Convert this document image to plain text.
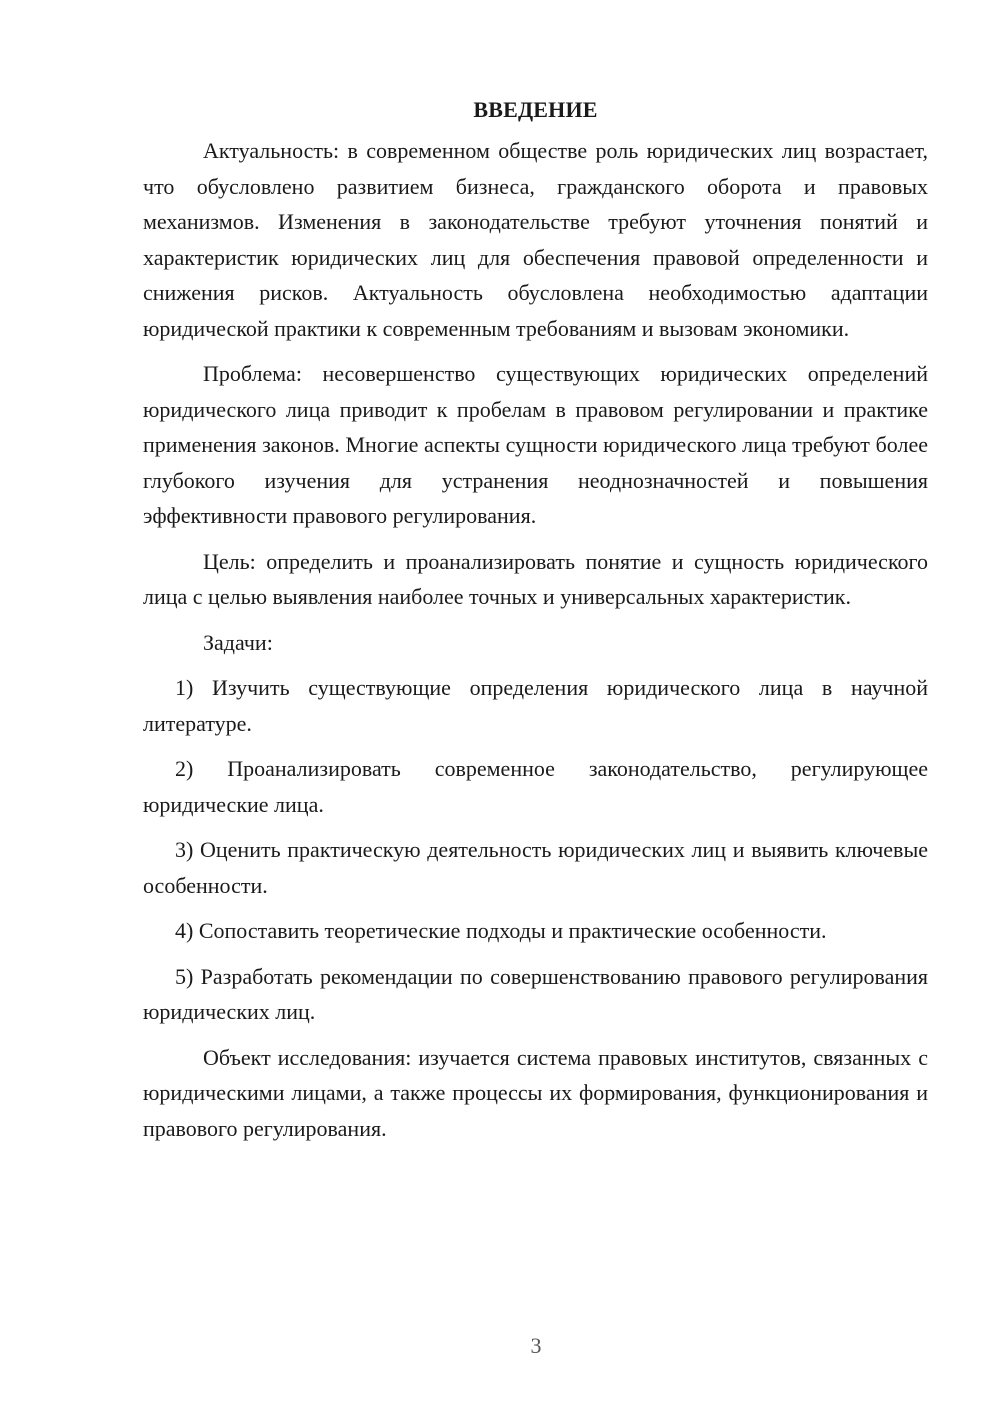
ВВЕДЕНИЕ

Актуальность: в современном обществе роль юридических лиц возрастает, что обусловлено развитием бизнеса, гражданского оборота и правовых механизмов. Изменения в законодательстве требуют уточнения понятий и характеристик юридических лиц для обеспечения правовой определенности и снижения рисков. Актуальность обусловлена необходимостью адаптации юридической практики к современным требованиям и вызовам экономики.

Проблема: несовершенство существующих юридических определений юридического лица приводит к пробелам в правовом регулировании и практике применения законов. Многие аспекты сущности юридического лица требуют более глубокого изучения для устранения неоднозначностей и повышения эффективности правового регулирования.

Цель: определить и проанализировать понятие и сущность юридического лица с целью выявления наиболее точных и универсальных характеристик.

Задачи:

1) Изучить существующие определения юридического лица в научной литературе.

2) Проанализировать современное законодательство, регулирующее юридические лица.

3) Оценить практическую деятельность юридических лиц и выявить ключевые особенности.

4) Сопоставить теоретические подходы и практические особенности.

5) Разработать рекомендации по совершенствованию правового регулирования юридических лиц.

Объект исследования: изучается система правовых институтов, связанных с юридическими лицами, а также процессы их формирования, функционирования и правового регулирования.

3
